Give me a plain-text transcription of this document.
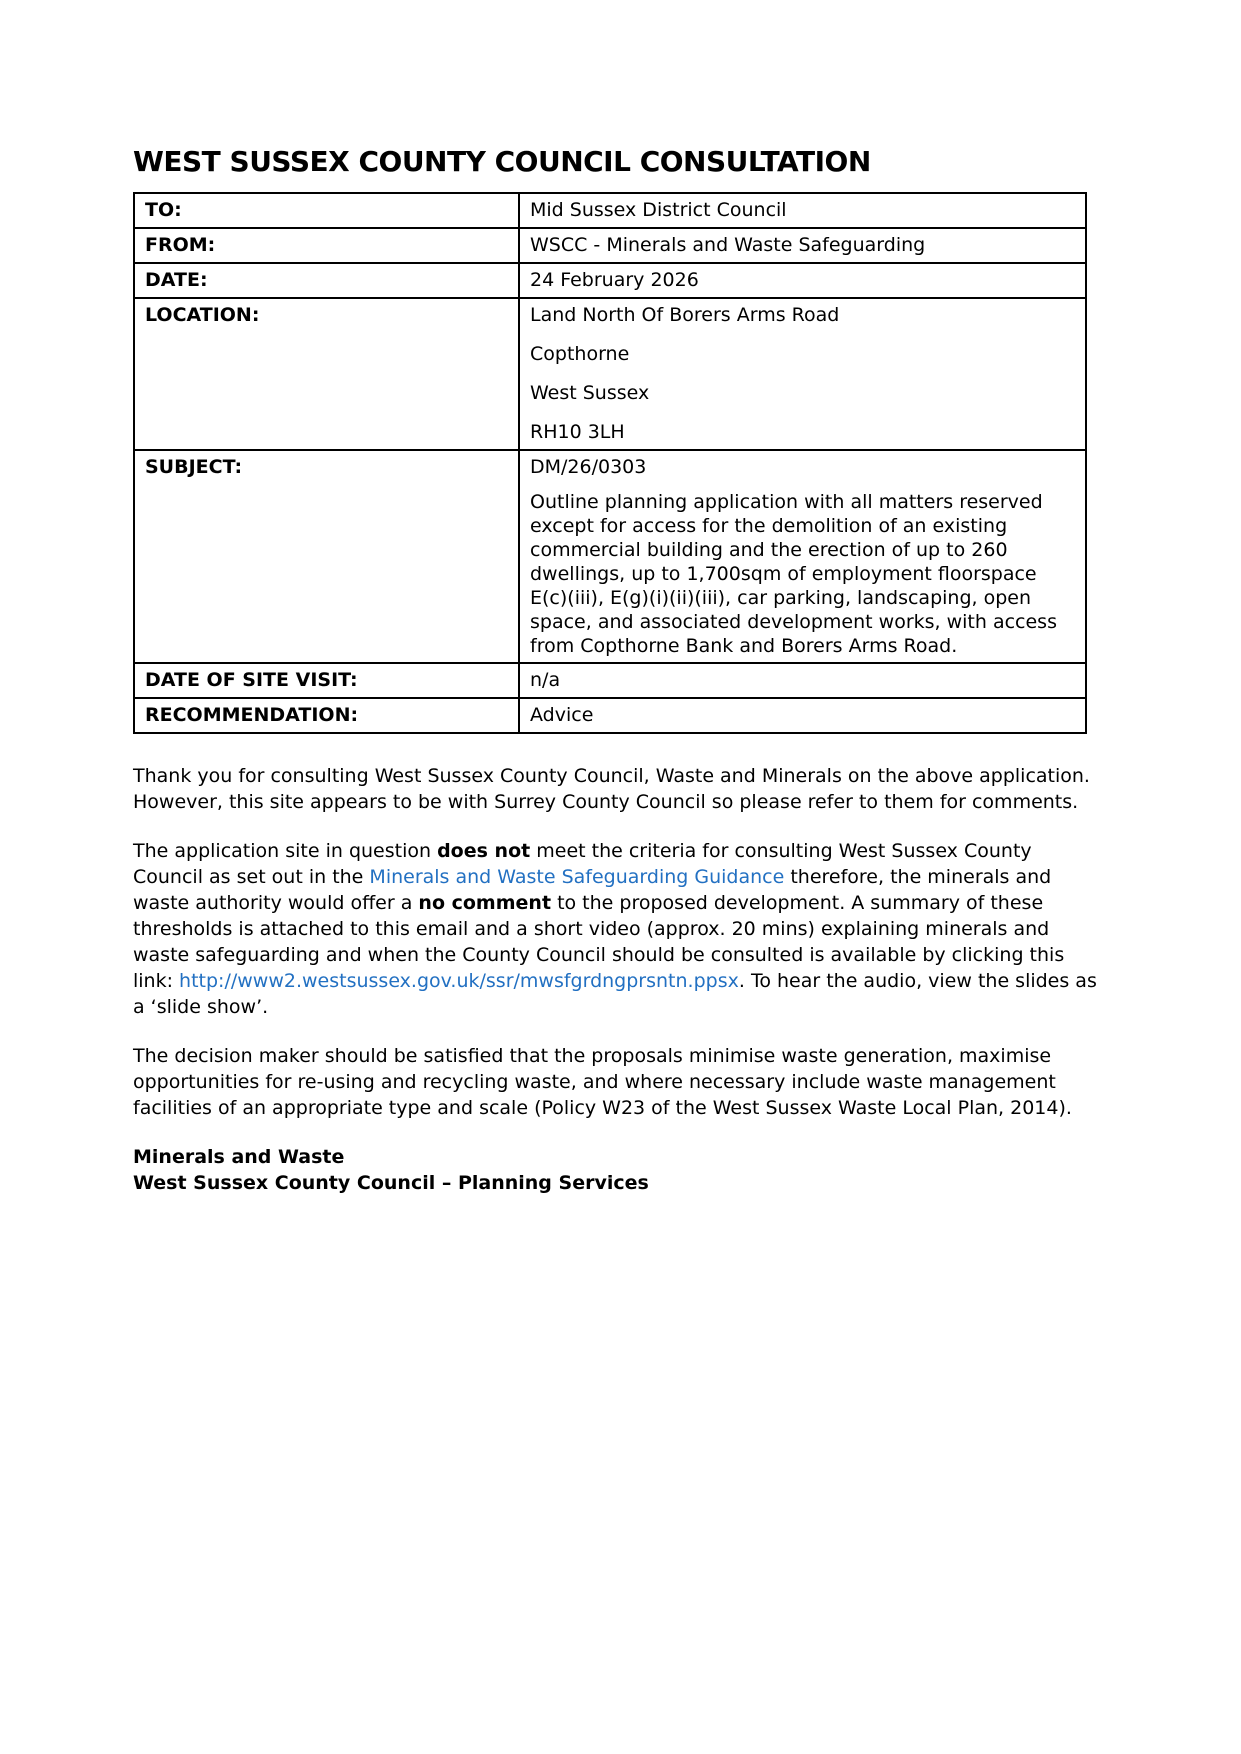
WEST SUSSEX COUNTY COUNCIL CONSULTATION
TO:	Mid Sussex District Council
FROM:	WSCC - Minerals and Waste Safeguarding
DATE:	24 February 2026
LOCATION:	Land North Of Borers Arms Road
Copthorne
West Sussex
RH10 3LH

SUBJECT:	DM/26/0303
Outline planning application with all matters reserved except for access for the demolition of an existing commercial building and the erection of up to 260 dwellings, up to 1,700sqm of employment floorspace E(c)(iii), E(g)(i)(ii)(iii), car parking, landscaping, open space, and associated development works, with access from Copthorne Bank and Borers Arms Road.

DATE OF SITE VISIT:	n/a
RECOMMENDATION:	Advice

Thank you for consulting West Sussex County Council, Waste and Minerals on the above application. However, this site appears to be with Surrey County Council so please refer to them for comments.

The application site in question does not meet the criteria for consulting West Sussex County Council as set out in the Minerals and Waste Safeguarding Guidance therefore, the minerals and waste authority would offer a no comment to the proposed development. A summary of these thresholds is attached to this email and a short video (approx. 20 mins) explaining minerals and waste safeguarding and when the County Council should be consulted is available by clicking this link: http://www2.westsussex.gov.uk/ssr/mwsfgrdngprsntn.ppsx. To hear the audio, view the slides as a ‘slide show’.

The decision maker should be satisfied that the proposals minimise waste generation, maximise opportunities for re-using and recycling waste, and where necessary include waste management facilities of an appropriate type and scale (Policy W23 of the West Sussex Waste Local Plan, 2014).

Minerals and Waste
West Sussex County Council – Planning Services
